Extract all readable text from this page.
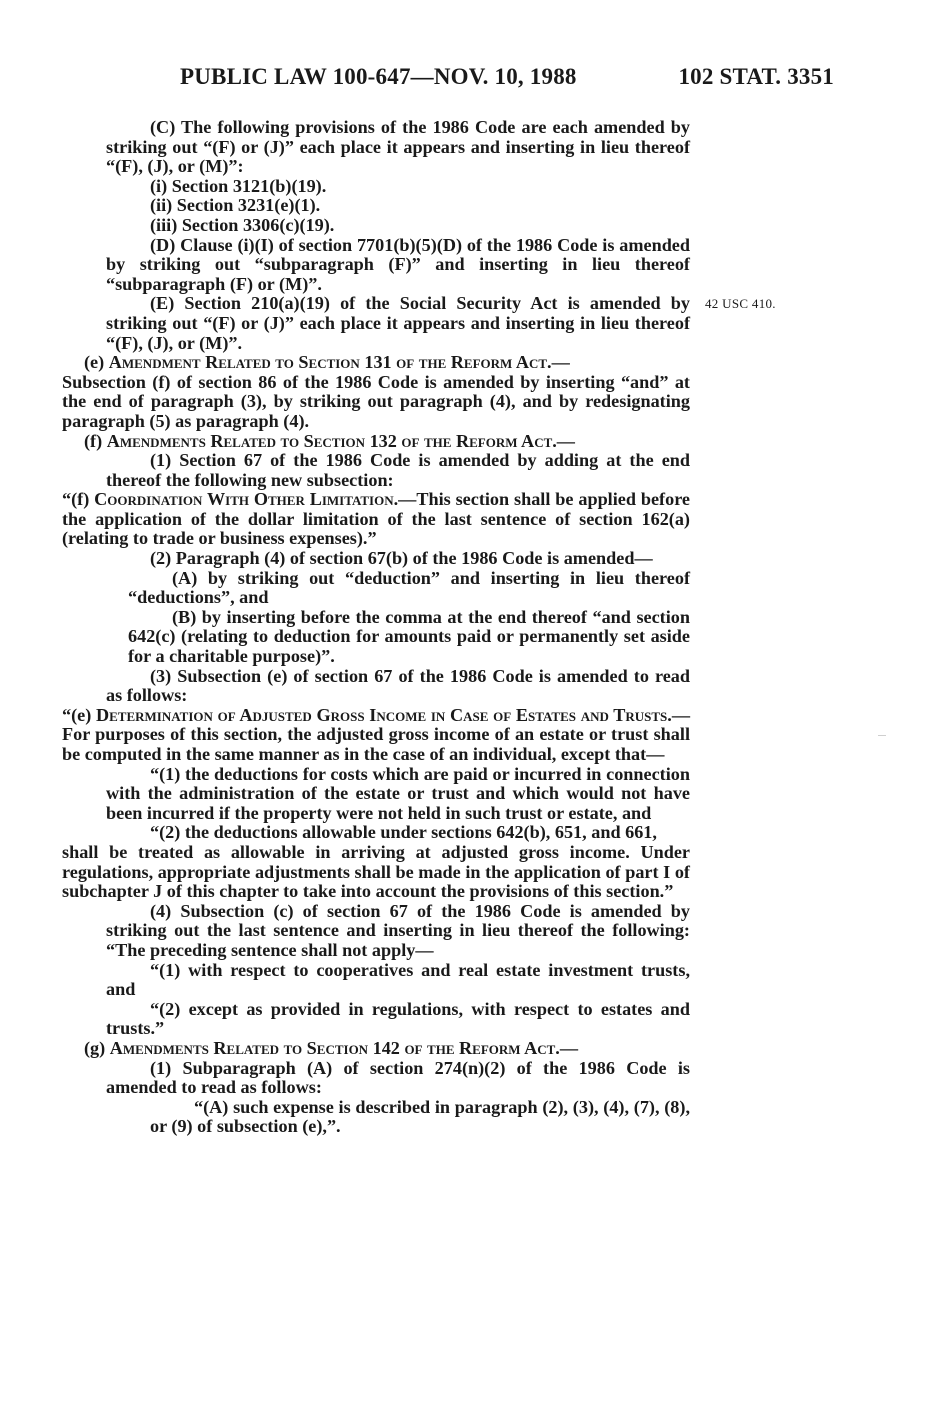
PUBLIC LAW 100-647—NOV. 10, 1988	102 STAT. 3351
42 USC 410.

(C) The following provisions of the 1986 Code are each amended by striking out “(F) or (J)” each place it appears and inserting in lieu thereof “(F), (J), or (M)”:

(i) Section 3121(b)(19).

(ii) Section 3231(e)(1).

(iii) Section 3306(c)(19).

(D) Clause (i)(I) of section 7701(b)(5)(D) of the 1986 Code is amended by striking out “subparagraph (F)” and inserting in lieu thereof “subparagraph (F) or (M)”.

(E) Section 210(a)(19) of the Social Security Act is amended by striking out “(F) or (J)” each place it appears and inserting in lieu thereof “(F), (J), or (M)”.

(e) Amendment Related to Section 131 of the Reform Act.—

Subsection (f) of section 86 of the 1986 Code is amended by inserting “and” at the end of paragraph (3), by striking out paragraph (4), and by redesignating paragraph (5) as paragraph (4).

(f) Amendments Related to Section 132 of the Reform Act.—

(1) Section 67 of the 1986 Code is amended by adding at the end thereof the following new subsection:

“(f) Coordination With Other Limitation.—This section shall be applied before the application of the dollar limitation of the last sentence of section 162(a) (relating to trade or business expenses).”

(2) Paragraph (4) of section 67(b) of the 1986 Code is amended—

(A) by striking out “deduction” and inserting in lieu thereof “deductions”, and

(B) by inserting before the comma at the end thereof “and section 642(c) (relating to deduction for amounts paid or permanently set aside for a charitable purpose)”.

(3) Subsection (e) of section 67 of the 1986 Code is amended to read as follows:

“(e) Determination of Adjusted Gross Income in Case of Estates and Trusts.—For purposes of this section, the adjusted gross income of an estate or trust shall be computed in the same manner as in the case of an individual, except that—

“(1) the deductions for costs which are paid or incurred in connection with the administration of the estate or trust and which would not have been incurred if the property were not held in such trust or estate, and

“(2) the deductions allowable under sections 642(b), 651, and 661,

shall be treated as allowable in arriving at adjusted gross income. Under regulations, appropriate adjustments shall be made in the application of part I of subchapter J of this chapter to take into account the provisions of this section.”

(4) Subsection (c) of section 67 of the 1986 Code is amended by striking out the last sentence and inserting in lieu thereof the following: “The preceding sentence shall not apply—

“(1) with respect to cooperatives and real estate investment trusts, and

“(2) except as provided in regulations, with respect to estates and trusts.”

(g) Amendments Related to Section 142 of the Reform Act.—

(1) Subparagraph (A) of section 274(n)(2) of the 1986 Code is amended to read as follows:

“(A) such expense is described in paragraph (2), (3), (4), (7), (8), or (9) of subsection (e),”.
